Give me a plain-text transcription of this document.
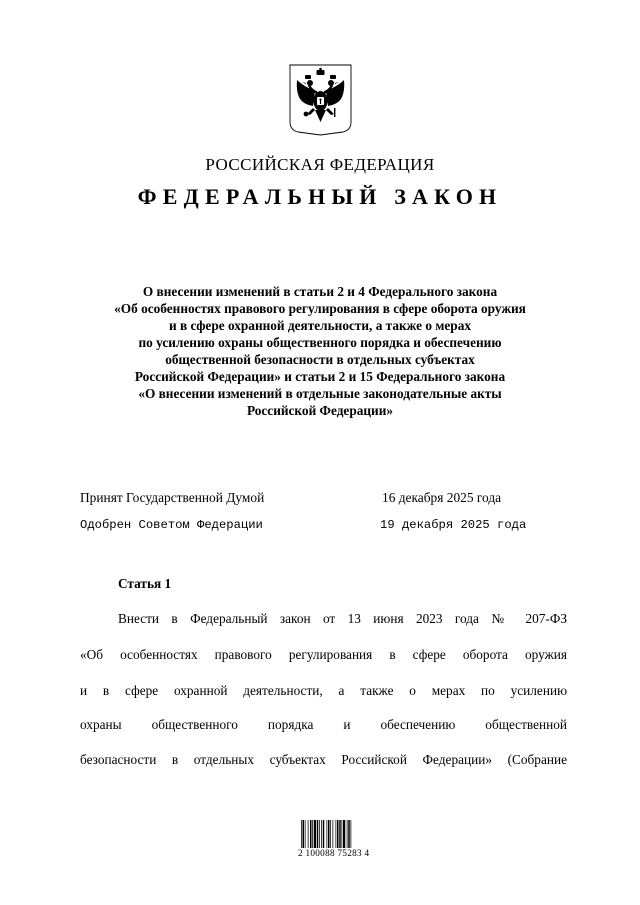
РОССИЙСКАЯ ФЕДЕРАЦИЯ
ФЕДЕРАЛЬНЫЙ ЗАКОН
О внесении изменений в статьи 2 и 4 Федерального закона
«Об особенностях правового регулирования в сфере оборота оружия
и в сфере охранной деятельности, а также о мерах
по усилению охраны общественного порядка и обеспечению
общественной безопасности в отдельных субъектах
Российской Федерации» и статьи 2 и 15 Федерального закона
«О внесении изменений в отдельные законодательные акты
Российской Федерации»
Принят Государственной Думой	16 декабря 2025 года
Одобрен Советом Федерации	19 декабря 2025 года
Статья 1
Внести в Федеральный закон от 13 июня 2023 года № 207-ФЗ
«Об особенностях правового регулирования в сфере оборота оружия
и в сфере охранной деятельности, а также о мерах по усилению
охраны общественного порядка и обеспечению общественной
безопасности в отдельных субъектах Российской Федерации» (Собрание
2 100088 75283 4
